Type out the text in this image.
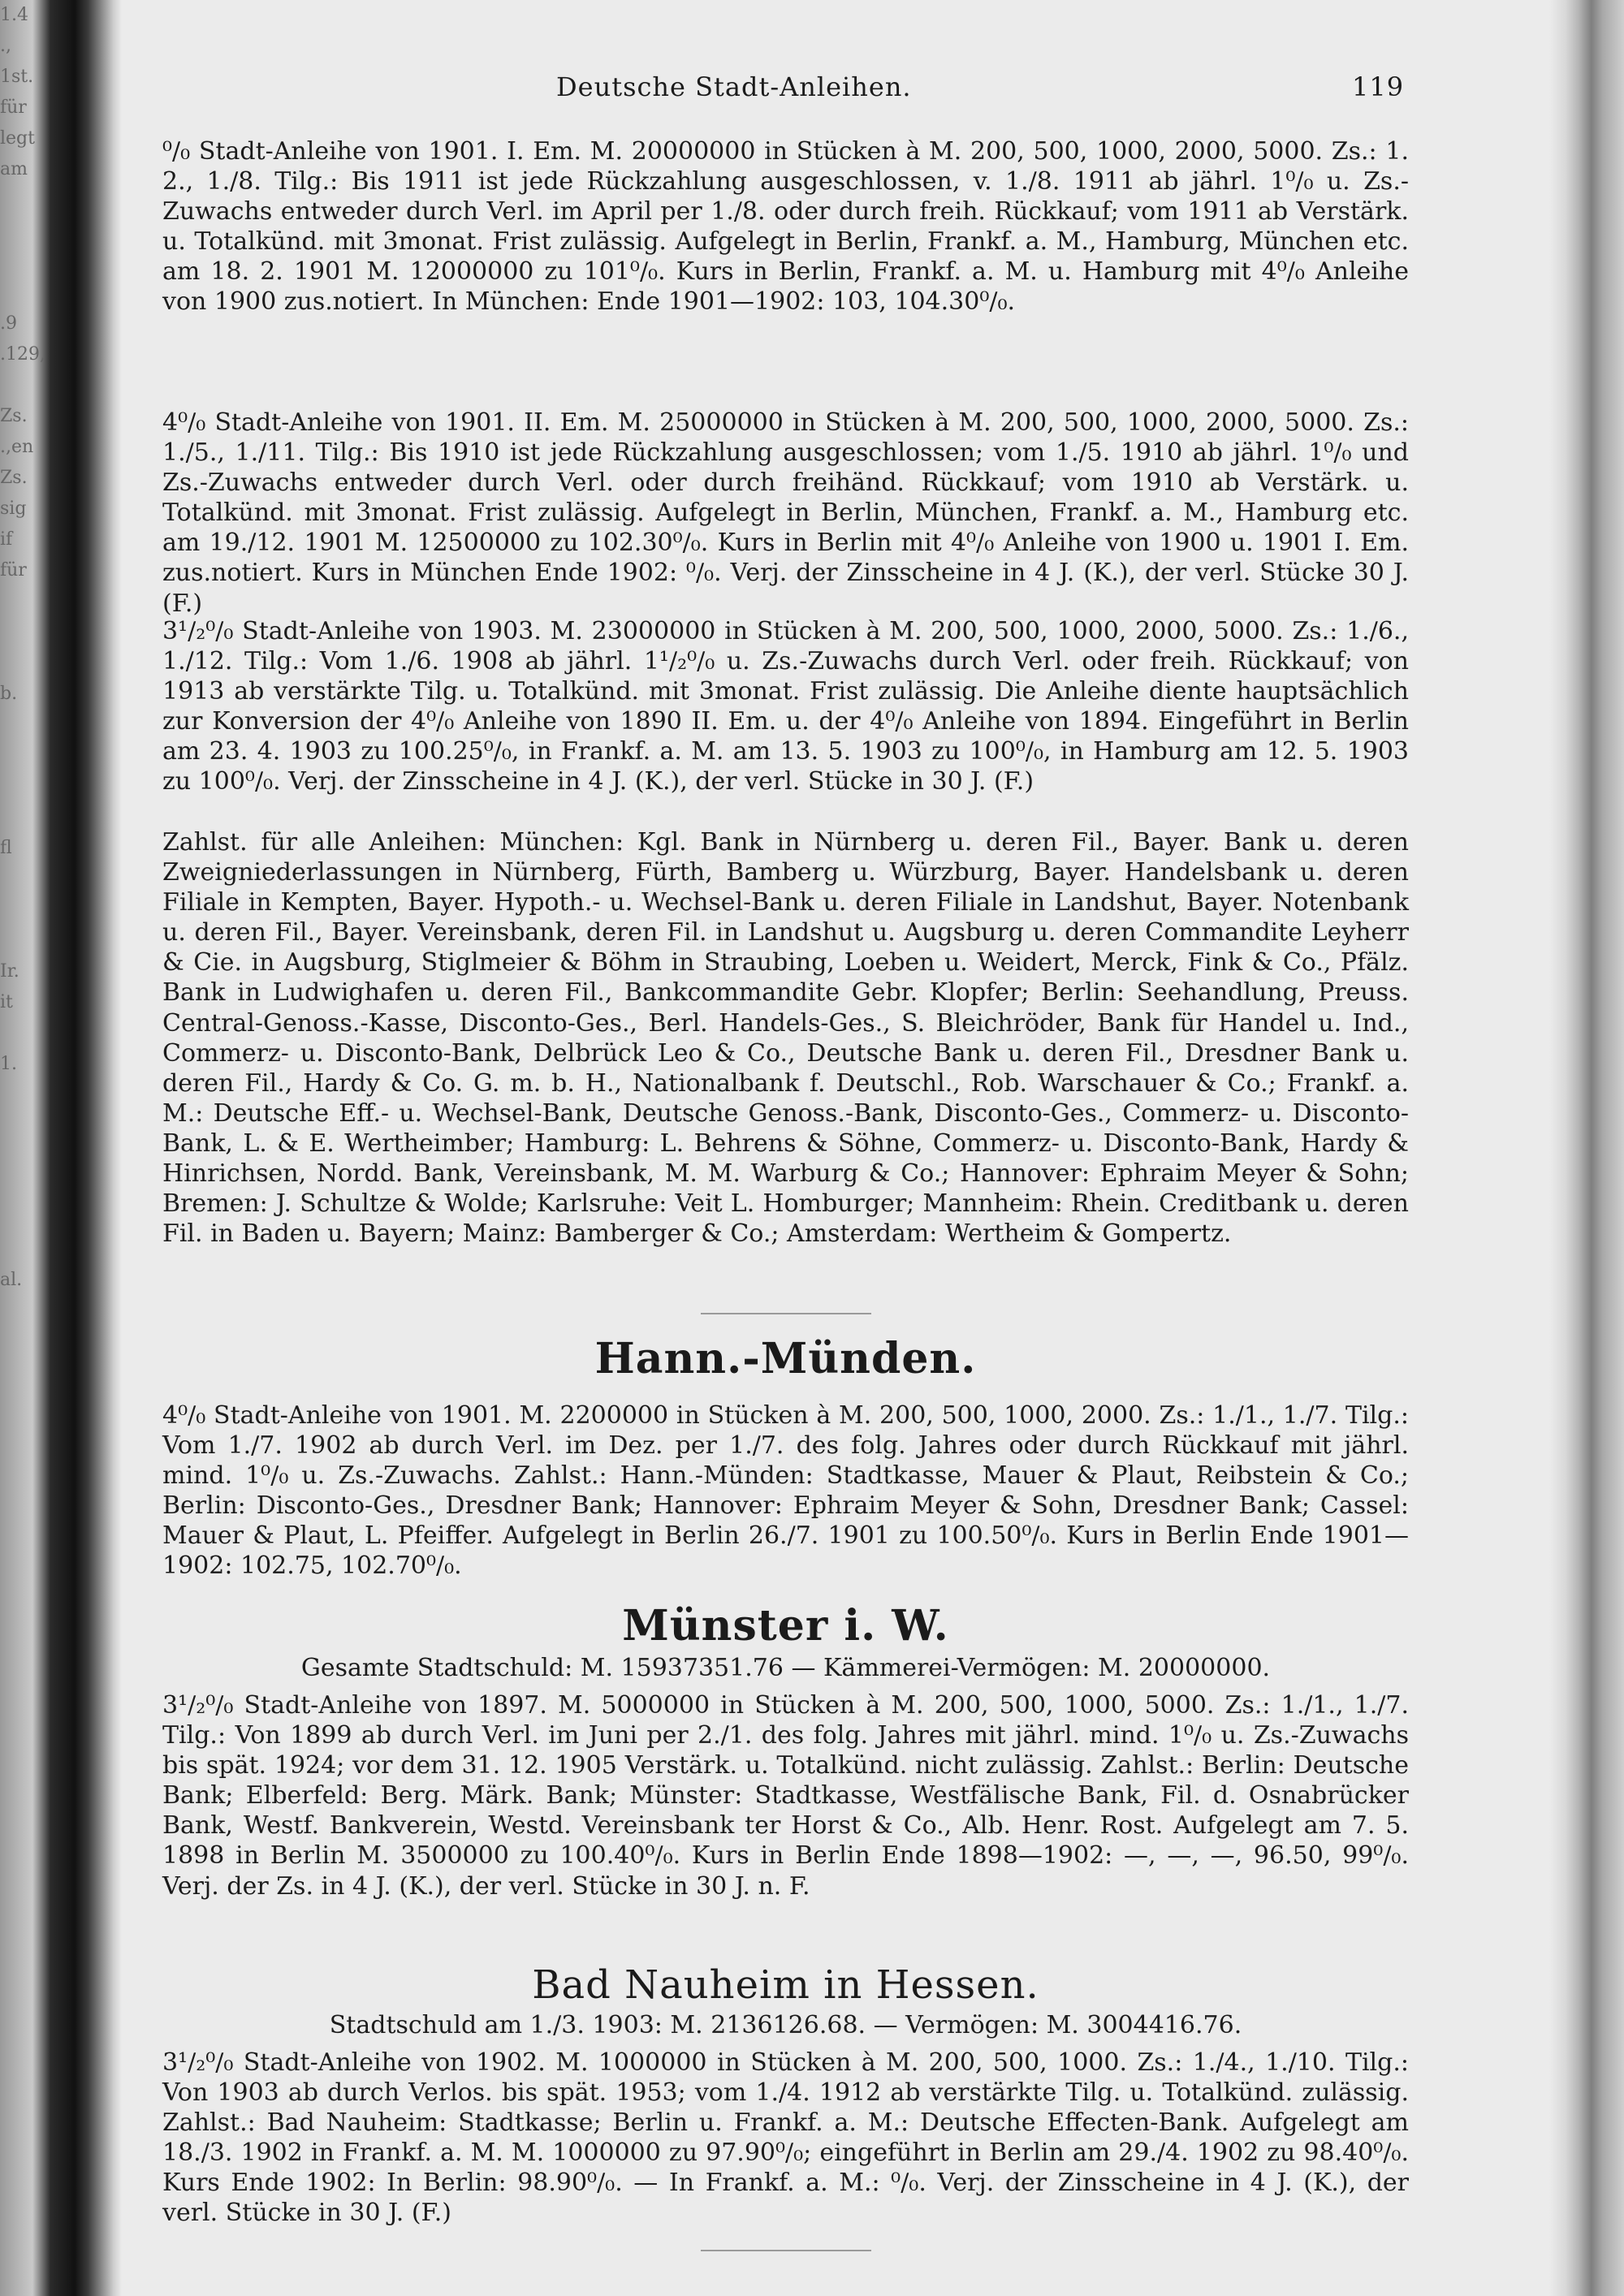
1.4
.,
1st.
für
legt
am

.9
.129,

Zs.
.,en
Zs.
sig
if
für

b.

fl

Ir.
it

1.

al.
Deutsche Stadt-Anleihen.	119

⁰/₀ Stadt-Anleihe von 1901. I. Em. M. 20000000 in Stücken à M. 200, 500, 1000, 2000, 5000. Zs.: 1. 2., 1./8. Tilg.: Bis 1911 ist jede Rückzahlung ausgeschlossen, v. 1./8. 1911 ab jährl. 1⁰/₀ u. Zs.-Zuwachs entweder durch Verl. im April per 1./8. oder durch freih. Rückkauf; vom 1911 ab Verstärk. u. Totalkünd. mit 3monat. Frist zulässig. Aufgelegt in Berlin, Frankf. a. M., Hamburg, München etc. am 18. 2. 1901 M. 12000000 zu 101⁰/₀. Kurs in Berlin, Frankf. a. M. u. Hamburg mit 4⁰/₀ Anleihe von 1900 zus.notiert. In München: Ende 1901—1902: 103, 104.30⁰/₀.

4⁰/₀ Stadt-Anleihe von 1901. II. Em. M. 25000000 in Stücken à M. 200, 500, 1000, 2000, 5000. Zs.: 1./5., 1./11. Tilg.: Bis 1910 ist jede Rückzahlung ausgeschlossen; vom 1./5. 1910 ab jährl. 1⁰/₀ und Zs.-Zuwachs entweder durch Verl. oder durch freihänd. Rückkauf; vom 1910 ab Verstärk. u. Totalkünd. mit 3monat. Frist zulässig. Aufgelegt in Berlin, München, Frankf. a. M., Hamburg etc. am 19./12. 1901 M. 12500000 zu 102.30⁰/₀. Kurs in Berlin mit 4⁰/₀ Anleihe von 1900 u. 1901 I. Em. zus.notiert. Kurs in München Ende 1902: ⁰/₀. Verj. der Zinsscheine in 4 J. (K.), der verl. Stücke 30 J. (F.)

3¹/₂⁰/₀ Stadt-Anleihe von 1903. M. 23000000 in Stücken à M. 200, 500, 1000, 2000, 5000. Zs.: 1./6., 1./12. Tilg.: Vom 1./6. 1908 ab jährl. 1¹/₂⁰/₀ u. Zs.-Zuwachs durch Verl. oder freih. Rückkauf; von 1913 ab verstärkte Tilg. u. Totalkünd. mit 3monat. Frist zulässig. Die Anleihe diente hauptsächlich zur Konversion der 4⁰/₀ Anleihe von 1890 II. Em. u. der 4⁰/₀ Anleihe von 1894. Eingeführt in Berlin am 23. 4. 1903 zu 100.25⁰/₀, in Frankf. a. M. am 13. 5. 1903 zu 100⁰/₀, in Hamburg am 12. 5. 1903 zu 100⁰/₀. Verj. der Zinsscheine in 4 J. (K.), der verl. Stücke in 30 J. (F.)

Zahlst. für alle Anleihen: München: Kgl. Bank in Nürnberg u. deren Fil., Bayer. Bank u. deren Zweigniederlassungen in Nürnberg, Fürth, Bamberg u. Würzburg, Bayer. Handelsbank u. deren Filiale in Kempten, Bayer. Hypoth.- u. Wechsel-Bank u. deren Filiale in Landshut, Bayer. Notenbank u. deren Fil., Bayer. Vereinsbank, deren Fil. in Landshut u. Augsburg u. deren Commandite Leyherr & Cie. in Augsburg, Stiglmeier & Böhm in Straubing, Loeben u. Weidert, Merck, Fink & Co., Pfälz. Bank in Ludwighafen u. deren Fil., Bankcommandite Gebr. Klopfer; Berlin: Seehandlung, Preuss. Central-Genoss.-Kasse, Disconto-Ges., Berl. Handels-Ges., S. Bleichröder, Bank für Handel u. Ind., Commerz- u. Disconto-Bank, Delbrück Leo & Co., Deutsche Bank u. deren Fil., Dresdner Bank u. deren Fil., Hardy & Co. G. m. b. H., Nationalbank f. Deutschl., Rob. Warschauer & Co.; Frankf. a. M.: Deutsche Eff.- u. Wechsel-Bank, Deutsche Genoss.-Bank, Disconto-Ges., Commerz- u. Disconto-Bank, L. & E. Wertheimber; Hamburg: L. Behrens & Söhne, Commerz- u. Disconto-Bank, Hardy & Hinrichsen, Nordd. Bank, Vereinsbank, M. M. Warburg & Co.; Hannover: Ephraim Meyer & Sohn; Bremen: J. Schultze & Wolde; Karlsruhe: Veit L. Homburger; Mannheim: Rhein. Creditbank u. deren Fil. in Baden u. Bayern; Mainz: Bamberger & Co.; Amsterdam: Wertheim & Gompertz.

Hann.-Münden.

4⁰/₀ Stadt-Anleihe von 1901. M. 2200000 in Stücken à M. 200, 500, 1000, 2000. Zs.: 1./1., 1./7. Tilg.: Vom 1./7. 1902 ab durch Verl. im Dez. per 1./7. des folg. Jahres oder durch Rückkauf mit jährl. mind. 1⁰/₀ u. Zs.-Zuwachs. Zahlst.: Hann.-Münden: Stadtkasse, Mauer & Plaut, Reibstein & Co.; Berlin: Disconto-Ges., Dresdner Bank; Hannover: Ephraim Meyer & Sohn, Dresdner Bank; Cassel: Mauer & Plaut, L. Pfeiffer. Aufgelegt in Berlin 26./7. 1901 zu 100.50⁰/₀. Kurs in Berlin Ende 1901—1902: 102.75, 102.70⁰/₀.

Münster i. W.

Gesamte Stadtschuld: M. 15937351.76 — Kämmerei-Vermögen: M. 20000000.

3¹/₂⁰/₀ Stadt-Anleihe von 1897. M. 5000000 in Stücken à M. 200, 500, 1000, 5000. Zs.: 1./1., 1./7. Tilg.: Von 1899 ab durch Verl. im Juni per 2./1. des folg. Jahres mit jährl. mind. 1⁰/₀ u. Zs.-Zuwachs bis spät. 1924; vor dem 31. 12. 1905 Verstärk. u. Totalkünd. nicht zulässig. Zahlst.: Berlin: Deutsche Bank; Elberfeld: Berg. Märk. Bank; Münster: Stadtkasse, Westfälische Bank, Fil. d. Osnabrücker Bank, Westf. Bankverein, Westd. Vereinsbank ter Horst & Co., Alb. Henr. Rost. Aufgelegt am 7. 5. 1898 in Berlin M. 3500000 zu 100.40⁰/₀. Kurs in Berlin Ende 1898—1902: —, —, —, 96.50, 99⁰/₀. Verj. der Zs. in 4 J. (K.), der verl. Stücke in 30 J. n. F.

Bad Nauheim in Hessen.

Stadtschuld am 1./3. 1903: M. 2136126.68. — Vermögen: M. 3004416.76.

3¹/₂⁰/₀ Stadt-Anleihe von 1902. M. 1000000 in Stücken à M. 200, 500, 1000. Zs.: 1./4., 1./10. Tilg.: Von 1903 ab durch Verlos. bis spät. 1953; vom 1./4. 1912 ab verstärkte Tilg. u. Totalkünd. zulässig. Zahlst.: Bad Nauheim: Stadtkasse; Berlin u. Frankf. a. M.: Deutsche Effecten-Bank. Aufgelegt am 18./3. 1902 in Frankf. a. M. M. 1000000 zu 97.90⁰/₀; eingeführt in Berlin am 29./4. 1902 zu 98.40⁰/₀. Kurs Ende 1902: In Berlin: 98.90⁰/₀. — In Frankf. a. M.: ⁰/₀. Verj. der Zinsscheine in 4 J. (K.), der verl. Stücke in 30 J. (F.)
